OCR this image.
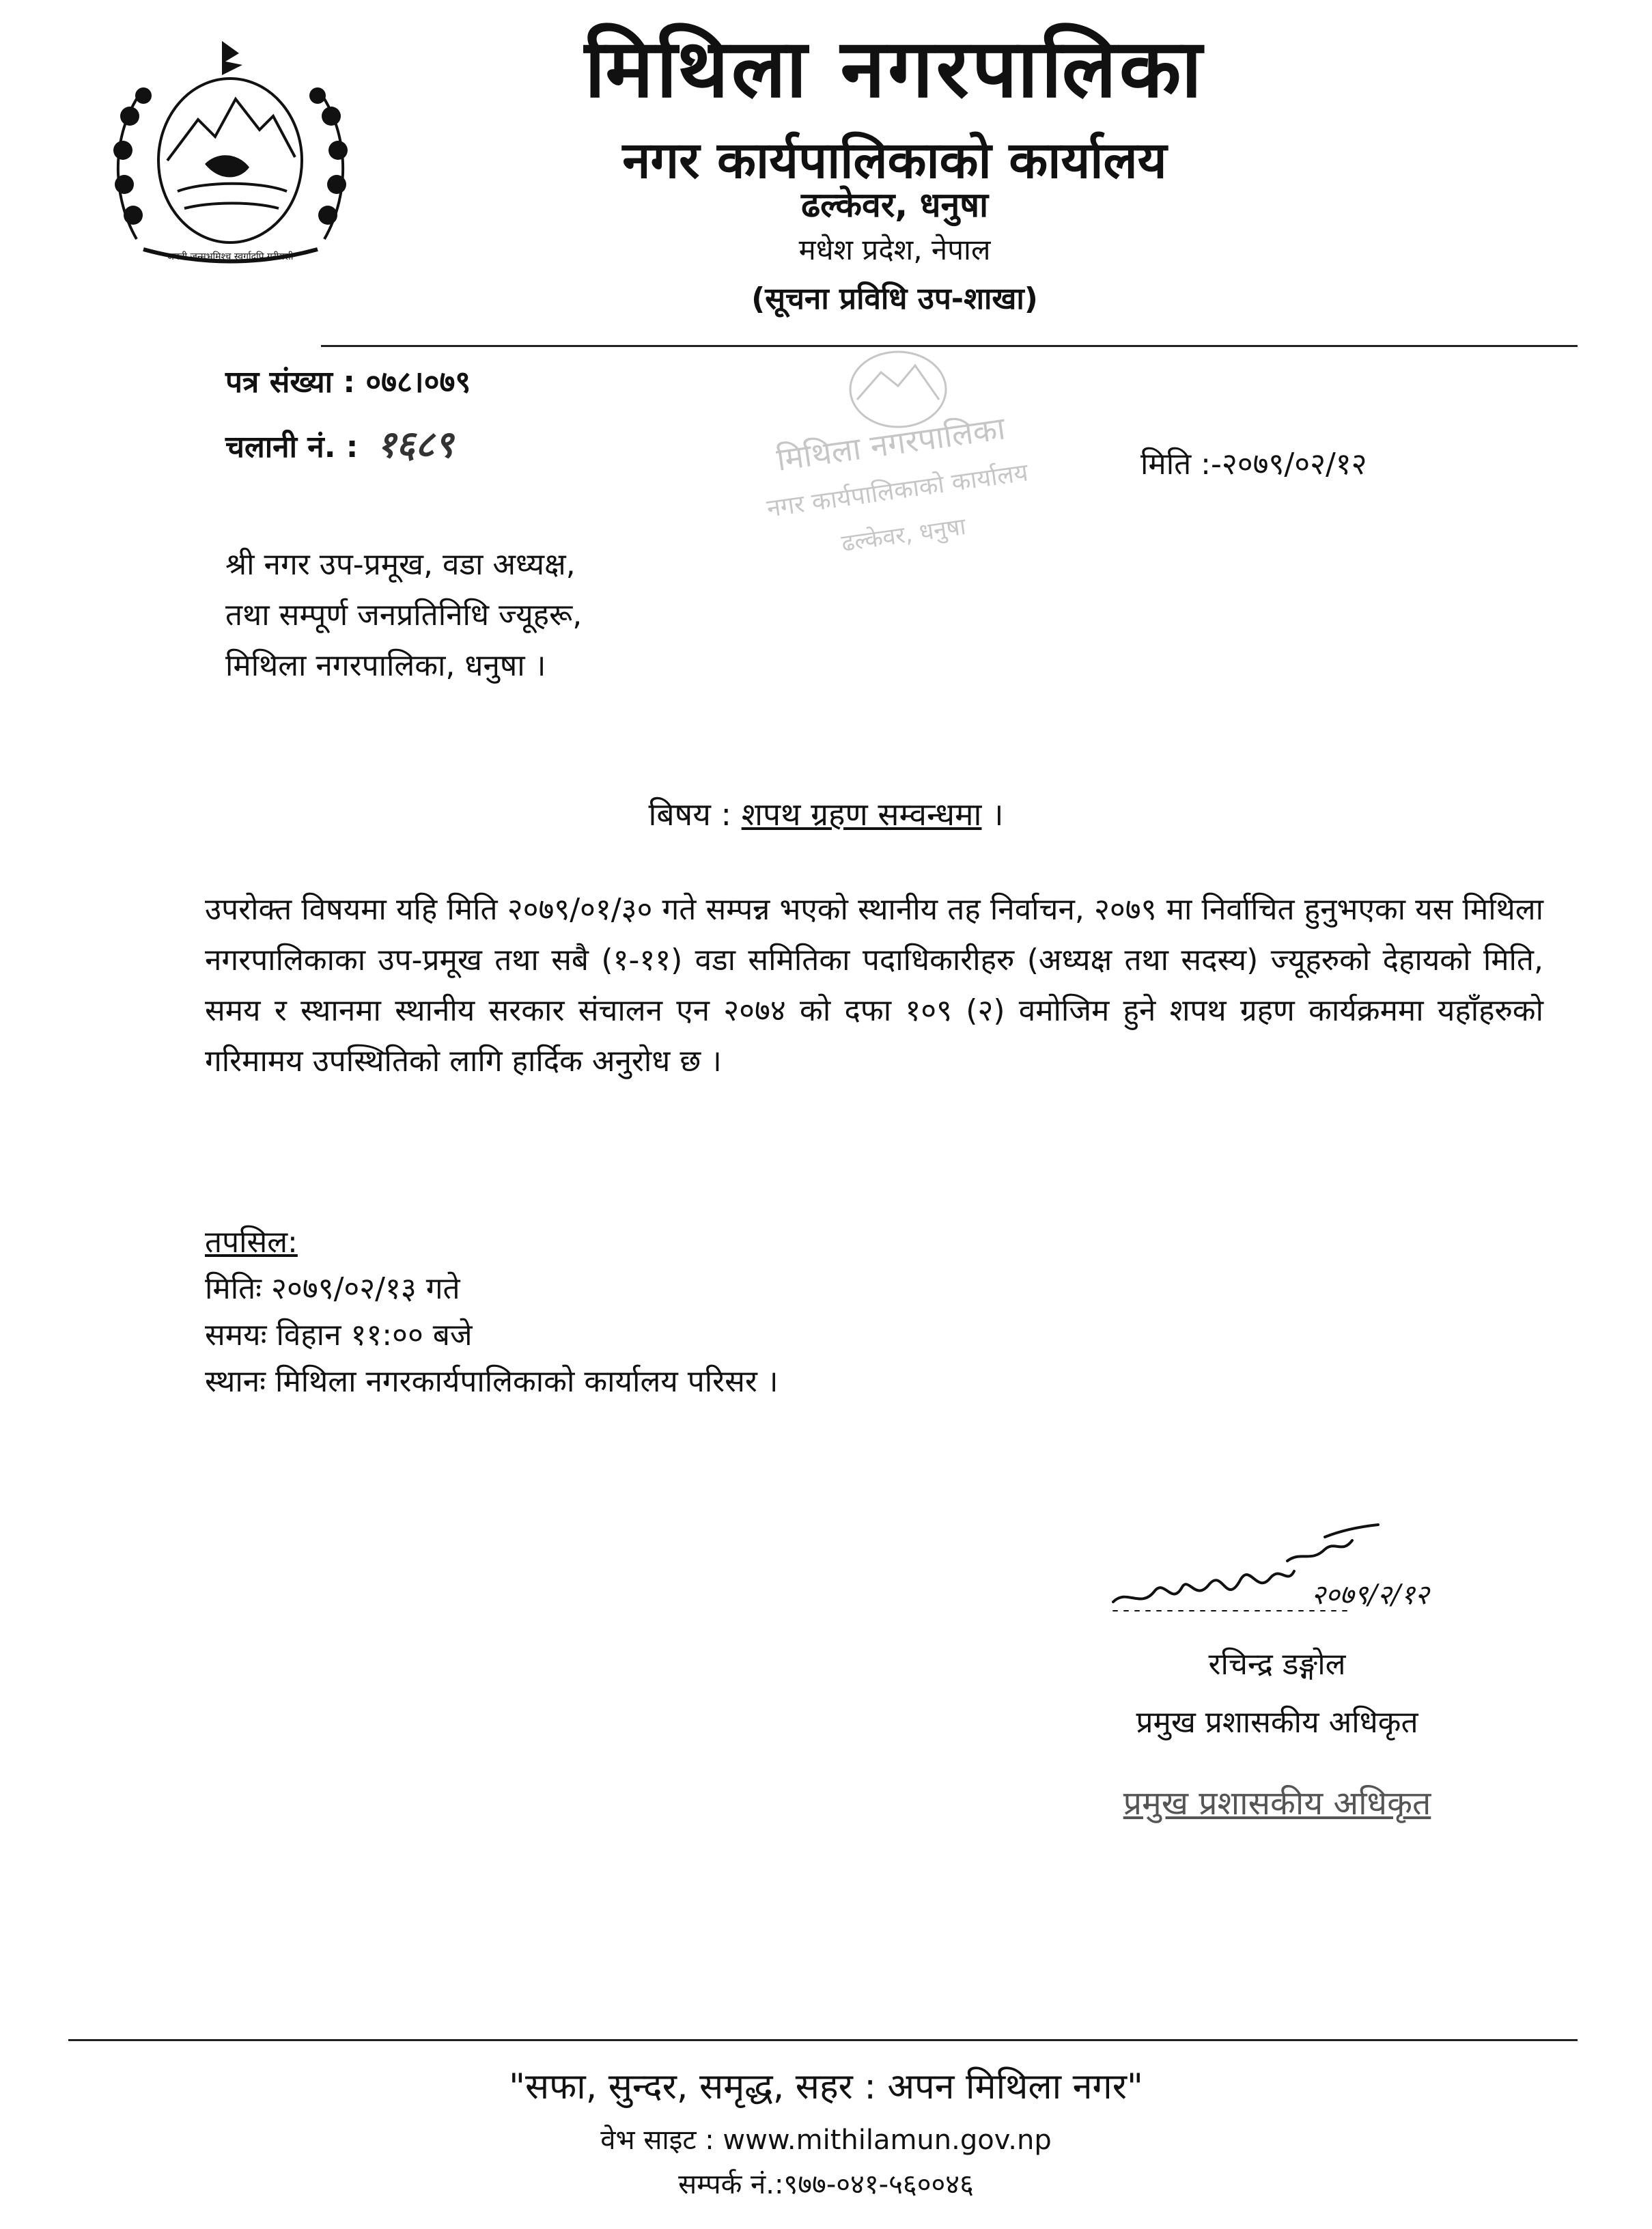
जननी जन्मभूमिश्च स्वर्गादपि गरीयसी
मिथिला नगरपालिका
नगर कार्यपालिकाको कार्यालय
ढल्केवर, धनुषा
मधेश प्रदेश, नेपाल
(सूचना प्रविधि उप-शाखा)
पत्र संख्या : ०७८।०७९
चलानी नं. : १६८९	मिति :-२०७९/०२/१२
मिथिला नगरपालिका
नगर कार्यपालिकाको कार्यालय
ढल्केवर, धनुषा
श्री नगर उप-प्रमूख, वडा अध्यक्ष,
तथा सम्पूर्ण जनप्रतिनिधि ज्यूहरू,
मिथिला नगरपालिका, धनुषा ।
बिषय : शपथ ग्रहण सम्वन्धमा ।
उपरोक्त विषयमा यहि मिति २०७९/०१/३० गते सम्पन्न भएको स्थानीय तह निर्वाचन, २०७९ मा निर्वाचित हुनुभएका यस मिथिला नगरपालिकाका उप-प्रमूख तथा सबै (१-११) वडा समितिका पदाधिकारीहरु (अध्यक्ष तथा सदस्य) ज्यूहरुको देहायको मिति, समय र स्थानमा स्थानीय सरकार संचालन एन २०७४ को दफा १०९ (२) वमोजिम हुने शपथ ग्रहण कार्यक्रममा यहाँहरुको गरिमामय उपस्थितिको लागि हार्दिक अनुरोध छ ।
तपसिल:
मितिः २०७९/०२/१३ गते
समयः विहान ११:०० बजे
स्थानः मिथिला नगरकार्यपालिकाको कार्यालय परिसर ।
२०७९/२/१२
रचिन्द्र डङ्गोल
प्रमुख प्रशासकीय अधिकृत
प्रमुख प्रशासकीय अधिकृत
"सफा, सुन्दर, समृद्ध, सहर : अपन मिथिला नगर"
वेभ साइट : www.mithilamun.gov.np
सम्पर्क नं.:९७७-०४१-५६००४६
